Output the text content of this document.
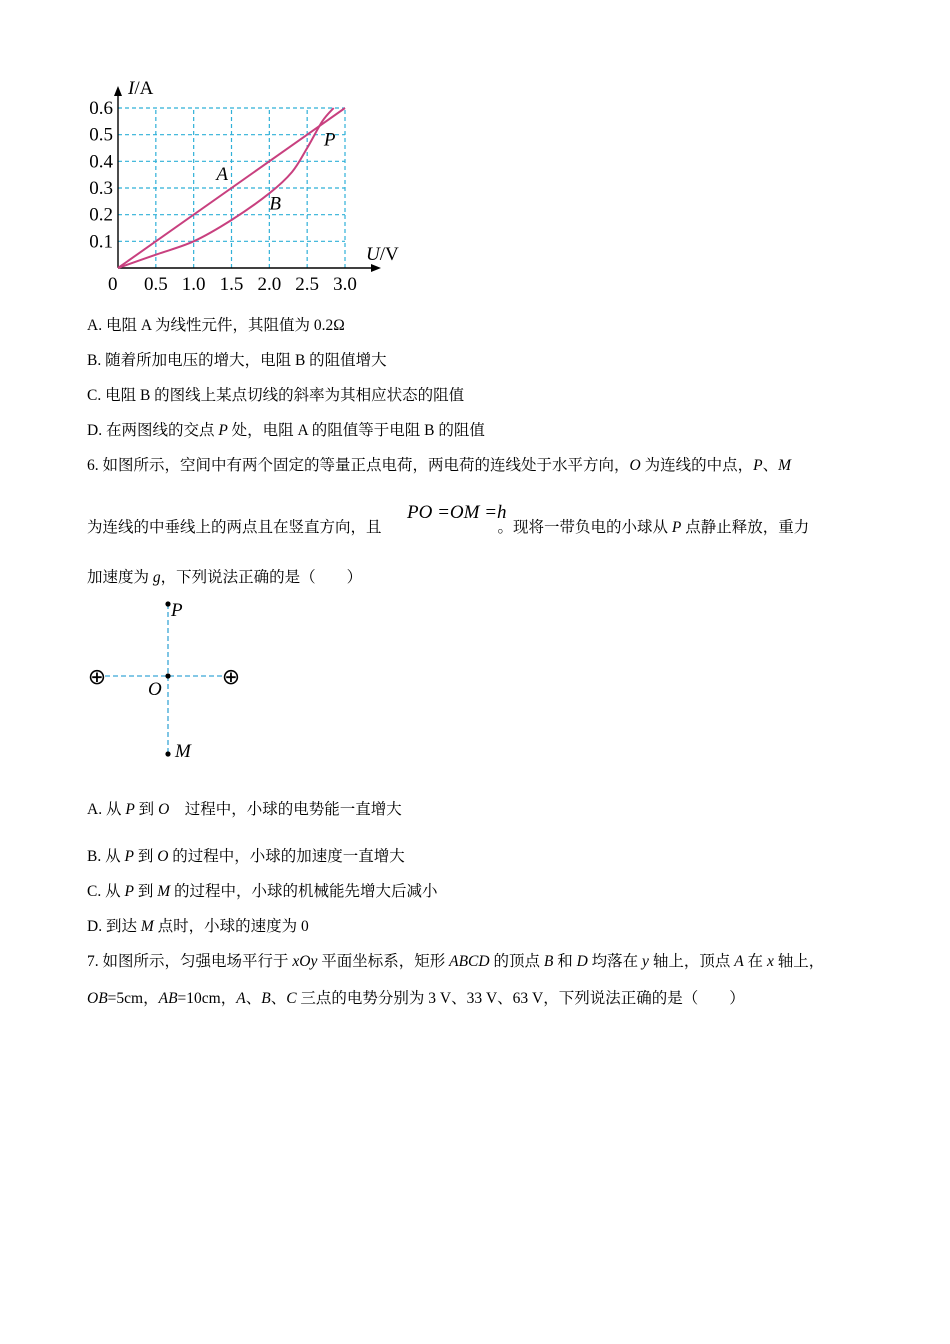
0.5 1.0 1.5 2.0 2.5 3.0
0.1
0.2
0.3
0.4
0.5
0.6
A
B
P
I/A
U/V
0
A. 电阻 A 为线性元件，其阻值为 0.2Ω
B. 随着所加电压的增大，电阻 B 的阻值增大
C. 电阻 B 的图线上某点切线的斜率为其相应状态的阻值
D. 在两图线的交点 P 处，电阻 A 的阻值等于电阻 B 的阻值
6. 如图所示，空间中有两个固定的等量正点电荷，两电荷的连线处于水平方向，O 为连线的中点，P、M
为连线的中垂线上的两点且在竖直方向，且	。现将一带负电的小球从 P 点静止释放，重力
PO =OM =h
加速度为 g，下列说法正确的是（　　）
⊕	⊕
P
O
M
A. 从 P 到 O　过程中，小球的电势能一直增大
B. 从 P 到 O 的过程中，小球的加速度一直增大
C. 从 P 到 M 的过程中，小球的机械能先增大后减小
D. 到达 M 点时，小球的速度为 0
7. 如图所示，匀强电场平行于 xOy 平面坐标系，矩形 ABCD 的顶点 B 和 D 均落在 y 轴上，顶点 A 在 x 轴上，
OB=5cm，AB=10cm，A、B、C 三点的电势分别为 3 V、33 V、63 V，下列说法正确的是（　　）
